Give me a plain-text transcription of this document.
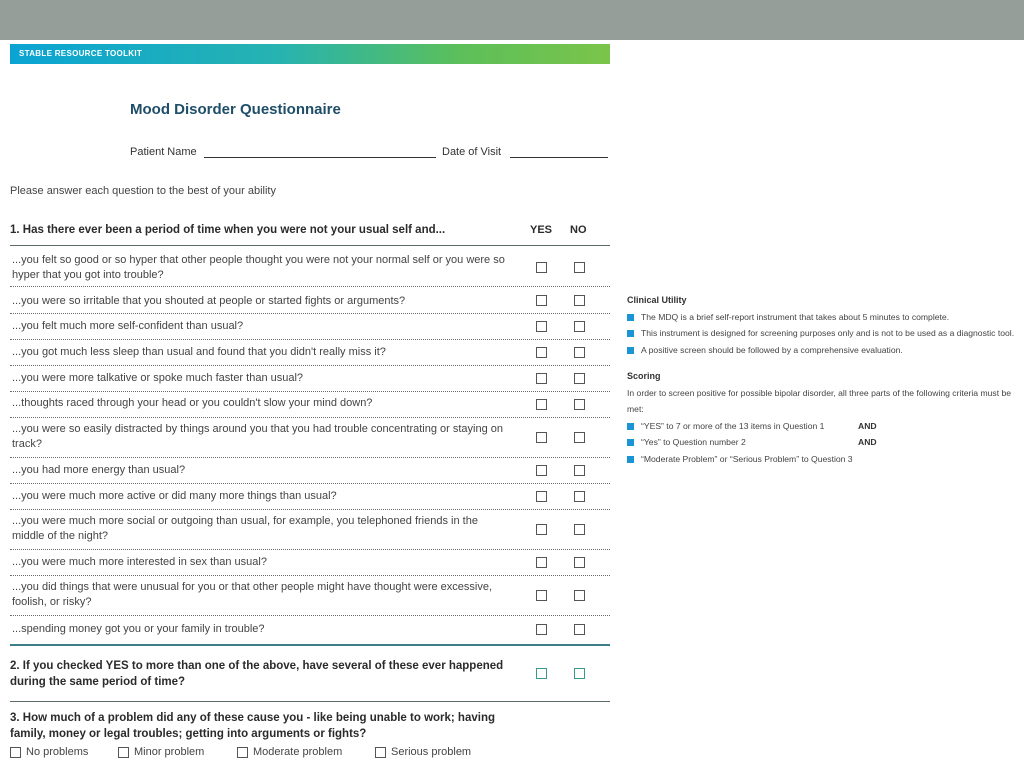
STABLE RESOURCE TOOLKIT
Mood Disorder Questionnaire
Patient Name	Date of Visit
Please answer each question to the best of your ability
1. Has there ever been a period of time when you were not your usual self and...	YES NO
...you felt so good or so hyper that other people thought you were not your normal self or you were so hyper that you got into trouble?
...you were so irritable that you shouted at people or started fights or arguments?
...you felt much more self-confident than usual?
...you got much less sleep than usual and found that you didn't really miss it?
...you were more talkative or spoke much faster than usual?
...thoughts raced through your head or you couldn't slow your mind down?
...you were so easily distracted by things around you that you had trouble concentrating or staying on track?
...you had more energy than usual?
...you were much more active or did many more things than usual?
...you were much more social or outgoing than usual, for example, you telephoned friends in the middle of the night?
...you were much more interested in sex than usual?
...you did things that were unusual for you or that other people might have thought were excessive, foolish, or risky?
...spending money got you or your family in trouble?
2. If you checked YES to more than one of the above, have several of these ever happened during the same period of time?
3. How much of a problem did any of these cause you - like being unable to work; having family, money or legal troubles; getting into arguments or fights?
No problems	Minor problem	Moderate problem	Serious problem
Clinical Utility
The MDQ is a brief self-report instrument that takes about 5 minutes to complete.
This instrument is designed for screening purposes only and is not to be used as a diagnostic tool.
A positive screen should be followed by a comprehensive evaluation.
Scoring
In order to screen positive for possible bipolar disorder, all three parts of the following criteria must be met:
“YES” to 7 or more of the 13 items in Question 1	AND
“Yes” to Question number 2	AND
“Moderate Problem” or “Serious Problem” to Question 3
